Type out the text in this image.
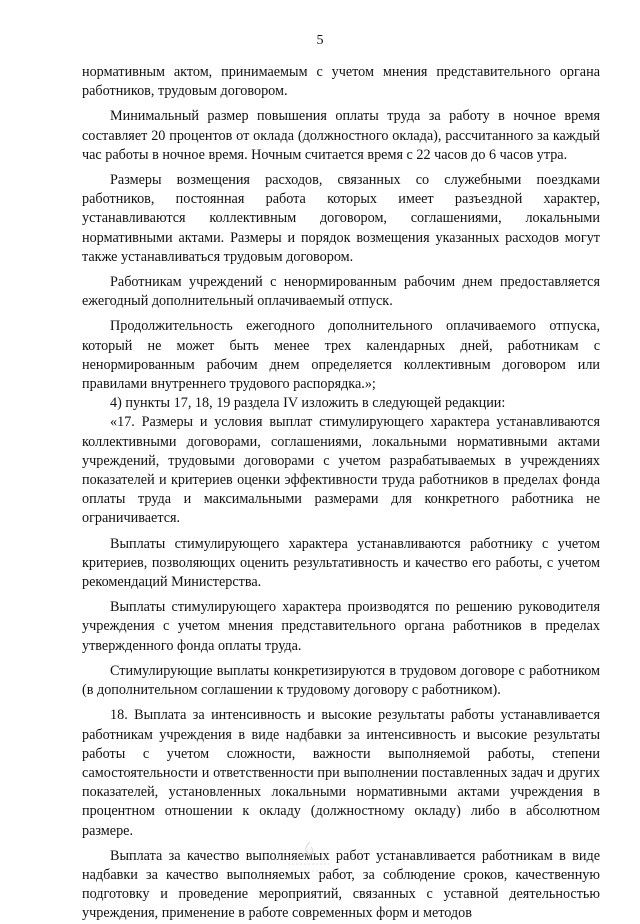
5

нормативным актом, принимаемым с учетом мнения представительного органа работников, трудовым договором.

Минимальный размер повышения оплаты труда за работу в ночное время составляет 20 процентов от оклада (должностного оклада), рассчитанного за каждый час работы в ночное время. Ночным считается время с 22 часов до 6 часов утра.

Размеры возмещения расходов, связанных со служебными поездками работников, постоянная работа которых имеет разъездной характер, устанавливаются коллективным договором, соглашениями, локальными нормативными актами. Размеры и порядок возмещения указанных расходов могут также устанавливаться трудовым договором.

Работникам учреждений с ненормированным рабочим днем предоставляется ежегодный дополнительный оплачиваемый отпуск.

Продолжительность ежегодного дополнительного оплачиваемого отпуска, который не может быть менее трех календарных дней, работникам с ненормированным рабочим днем определяется коллективным договором или правилами внутреннего трудового распорядка.»;

4) пункты 17, 18, 19 раздела IV изложить в следующей редакции:

«17. Размеры и условия выплат стимулирующего характера устанавливаются коллективными договорами, соглашениями, локальными нормативными актами учреждений, трудовыми договорами с учетом разрабатываемых в учреждениях показателей и критериев оценки эффективности труда работников в пределах фонда оплаты труда и максимальными размерами для конкретного работника не ограничивается.

Выплаты стимулирующего характера устанавливаются работнику с учетом критериев, позволяющих оценить результативность и качество его работы, с учетом рекомендаций Министерства.

Выплаты стимулирующего характера производятся по решению руководителя учреждения с учетом мнения представительного органа работников в пределах утвержденного фонда оплаты труда.

Стимулирующие выплаты конкретизируются в трудовом договоре с работником (в дополнительном соглашении к трудовому договору с работником).

18. Выплата за интенсивность и высокие результаты работы устанавливается работникам учреждения в виде надбавки за интенсивность и высокие результаты работы с учетом сложности, важности выполняемой работы, степени самостоятельности и ответственности при выполнении поставленных задач и других показателей, установленных локальными нормативными актами учреждения в процентном отношении к окладу (должностному окладу) либо в абсолютном размере.

Выплата за качество выполняемых работ устанавливается работникам в виде надбавки за качество выполняемых работ, за соблюдение сроков, качественную подготовку и проведение мероприятий, связанных с уставной деятельностью учреждения, применение в работе современных форм и методов
